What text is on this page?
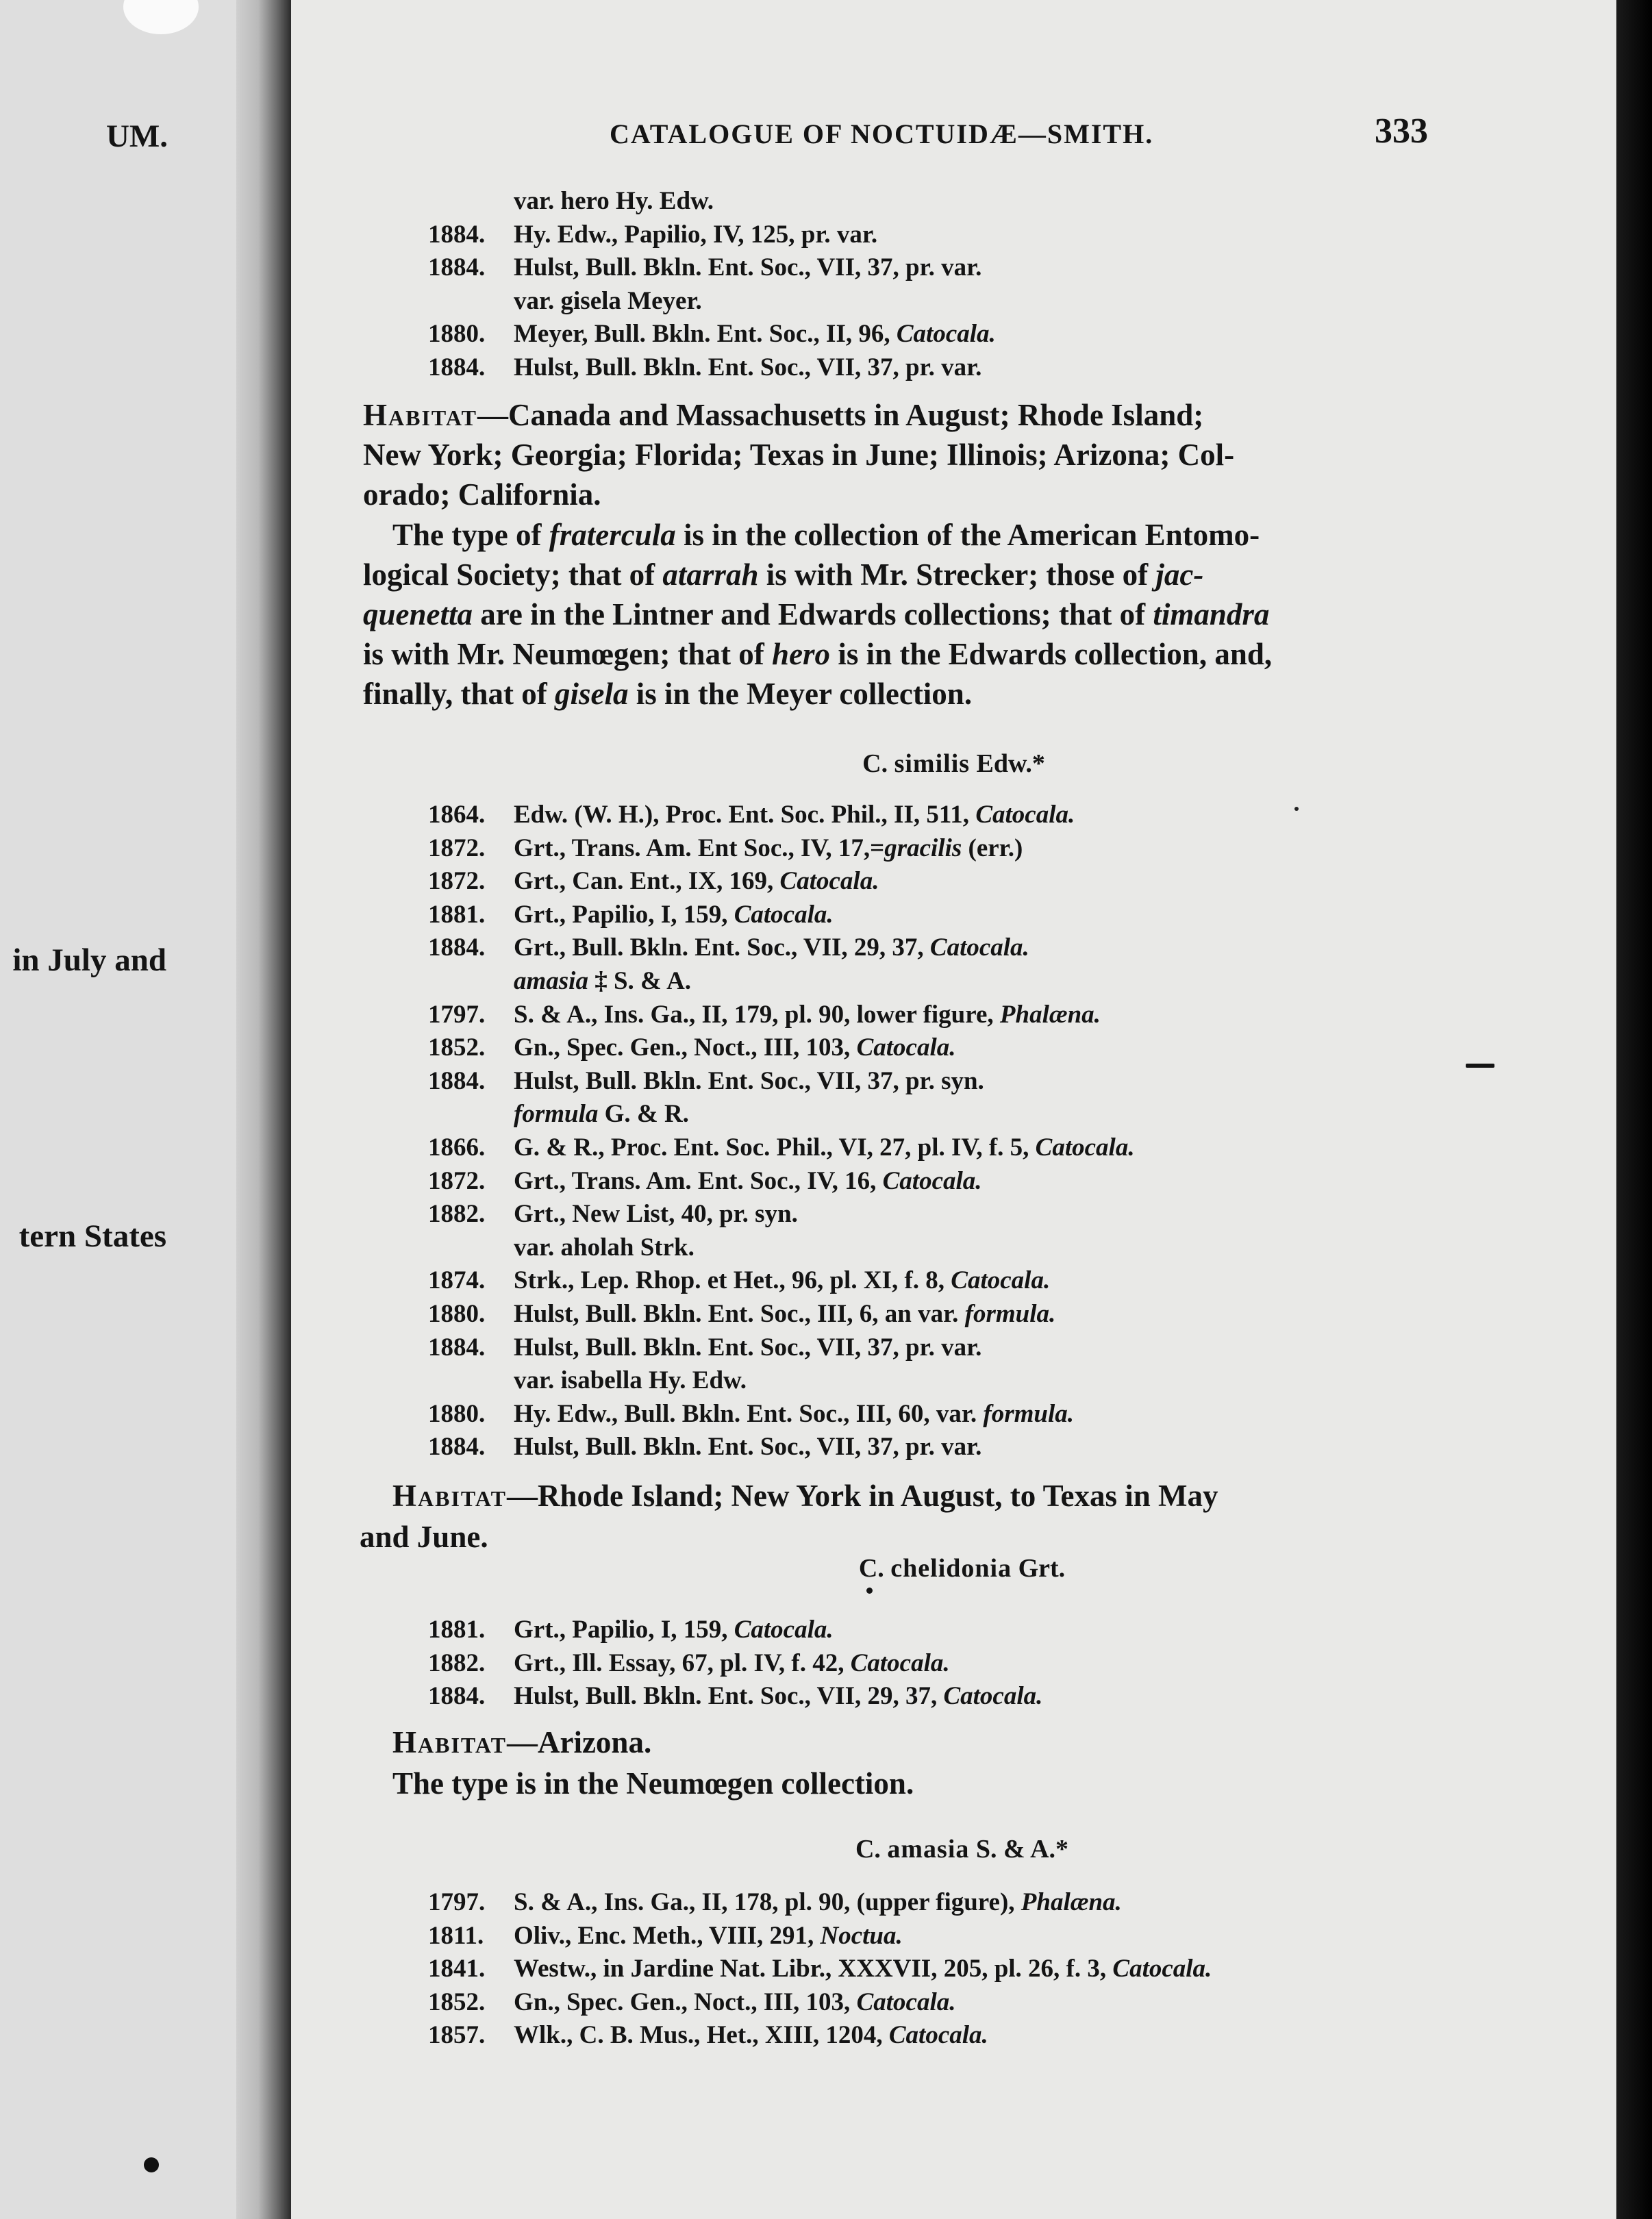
UM.
in July and
tern States
CATALOGUE OF NOCTUIDÆ—SMITH.	333
var. hero Hy. Edw.
1884. Hy. Edw., Papilio, IV, 125, pr. var.
1884. Hulst, Bull. Bkln. Ent. Soc., VII, 37, pr. var.
var. gisela Meyer.
1880. Meyer, Bull. Bkln. Ent. Soc., II, 96, Catocala.
1884. Hulst, Bull. Bkln. Ent. Soc., VII, 37, pr. var.
Habitat—Canada and Massachusetts in August; Rhode Island;
New York; Georgia; Florida; Texas in June; Illinois; Arizona; Col-
orado; California.
The type of fratercula is in the collection of the American Entomo-
logical Society; that of atarrah is with Mr. Strecker; those of jac-
quenetta are in the Lintner and Edwards collections; that of timandra
is with Mr. Neumœgen; that of hero is in the Edwards collection, and,
finally, that of gisela is in the Meyer collection.
C. similis Edw.*
1864. Edw. (W. H.), Proc. Ent. Soc. Phil., II, 511, Catocala.
1872. Grt., Trans. Am. Ent Soc., IV, 17,=gracilis (err.)
1872. Grt., Can. Ent., IX, 169, Catocala.
1881. Grt., Papilio, I, 159, Catocala.
1884. Grt., Bull. Bkln. Ent. Soc., VII, 29, 37, Catocala.
amasia ‡ S. & A.
1797. S. & A., Ins. Ga., II, 179, pl. 90, lower figure, Phalæna.
1852. Gn., Spec. Gen., Noct., III, 103, Catocala.
1884. Hulst, Bull. Bkln. Ent. Soc., VII, 37, pr. syn.
formula G. & R.
1866. G. & R., Proc. Ent. Soc. Phil., VI, 27, pl. IV, f. 5, Catocala.
1872. Grt., Trans. Am. Ent. Soc., IV, 16, Catocala.
1882. Grt., New List, 40, pr. syn.
var. aholah Strk.
1874. Strk., Lep. Rhop. et Het., 96, pl. XI, f. 8, Catocala.
1880. Hulst, Bull. Bkln. Ent. Soc., III, 6, an var. formula.
1884. Hulst, Bull. Bkln. Ent. Soc., VII, 37, pr. var.
var. isabella Hy. Edw.
1880. Hy. Edw., Bull. Bkln. Ent. Soc., III, 60, var. formula.
1884. Hulst, Bull. Bkln. Ent. Soc., VII, 37, pr. var.
Habitat—Rhode Island; New York in August, to Texas in May
and June.
C. chelidonia Grt.
1881. Grt., Papilio, I, 159, Catocala.
1882. Grt., Ill. Essay, 67, pl. IV, f. 42, Catocala.
1884. Hulst, Bull. Bkln. Ent. Soc., VII, 29, 37, Catocala.
Habitat—Arizona.
The type is in the Neumœgen collection.
C. amasia S. & A.*
1797. S. & A., Ins. Ga., II, 178, pl. 90, (upper figure), Phalæna.
1811. Oliv., Enc. Meth., VIII, 291, Noctua.
1841. Westw., in Jardine Nat. Libr., XXXVII, 205, pl. 26, f. 3, Catocala.
1852. Gn., Spec. Gen., Noct., III, 103, Catocala.
1857. Wlk., C. B. Mus., Het., XIII, 1204, Catocala.
